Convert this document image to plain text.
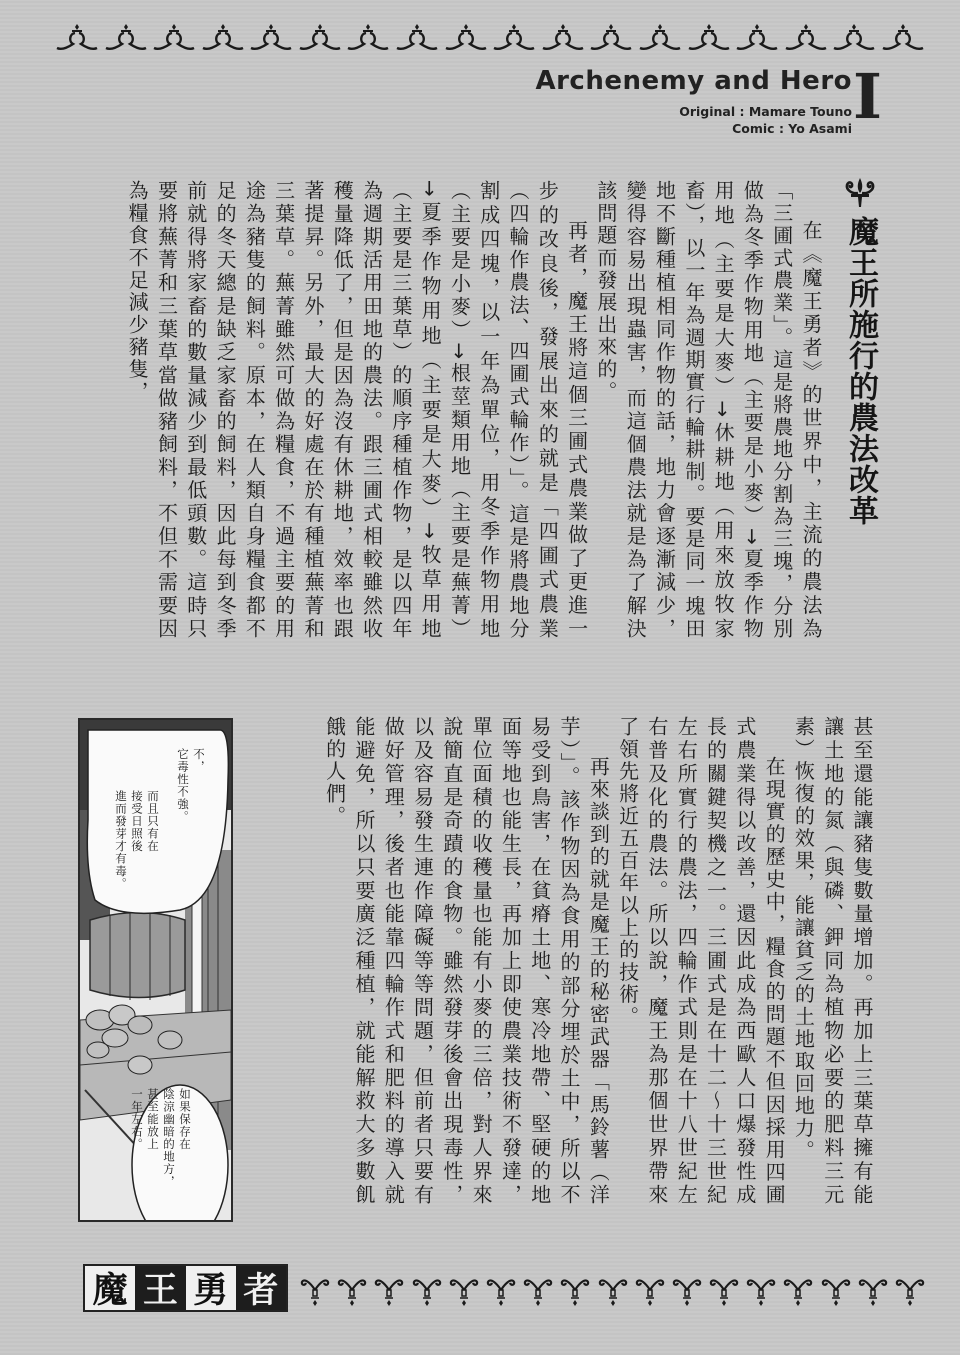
Archenemy and Hero
Original : Mamare Touno
Comic : Yo Asami I
魔王所施行的農法改革

在《魔王勇者》的世界中，主流的農法為「三圃式農業」。這是將農地分割為三塊，分別做為冬季作物用地（主要是小麥）→夏季作物用地（主要是大麥）→休耕地（用來放牧家畜），以一年為週期實行輪耕制。要是同一塊田地不斷種植相同作物的話，地力會逐漸減少，變得容易出現蟲害，而這個農法就是為了解決該問題而發展出來的。

再者，魔王將這個三圃式農業做了更進一步的改良後，發展出來的就是「四圃式農業（四輪作農法、四圃式輪作）」。這是將農地分割成四塊，以一年為單位，用冬季作物用地（主要是小麥）→根莖類用地（主要是蕪菁）→夏季作物用地（主要是大麥）→牧草用地（主要是三葉草）的順序種植作物，是以四年為週期活用田地的農法。跟三圃式相較雖然收穫量降低了，但是因為沒有休耕地，效率也跟著提昇。另外，最大的好處在於有種植蕪菁和三葉草。蕪菁雖然可做為糧食，不過主要的用途為豬隻的飼料。原本，在人類自身糧食都不足的冬天總是缺乏家畜的飼料，因此每到冬季前就得將家畜的數量減少到最低頭數。這時只要將蕪菁和三葉草當做豬飼料，不但不需要因為糧食不足減少豬隻，

不，
它毒性不強。
而且只有在
接受日照後
進而發芽才有毒。
如果保存在
陰涼幽暗的地方，
甚至能放上
一年左右。	甚至還能讓豬隻數量增加。再加上三葉草擁有能讓土地的氮（與磷、鉀同為植物必要的肥料三元素）恢復的效果，能讓貧乏的土地取回地力。

在現實的歷史中，糧食的問題不但因採用四圃式農業得以改善，還因此成為西歐人口爆發性成長的關鍵契機之一。三圃式是在十二～十三世紀左右所實行的農法，四輪作式則是在十八世紀左右普及化的農法。所以說，魔王為那個世界帶來了領先將近五百年以上的技術。

再來談到的就是魔王的秘密武器「馬鈴薯（洋芋）」。該作物因為食用的部分埋於土中，所以不易受到鳥害，在貧瘠土地、寒冷地帶、堅硬的地面等地也能生長，再加上即使農業技術不發達，單位面積的收穫量也能有小麥的三倍，對人界來說簡直是奇蹟的食物。雖然發芽後會出現毒性，以及容易發生連作障礙等等問題，但前者只要有做好管理，後者也能靠四輪作式和肥料的導入就能避免，所以只要廣泛種植，就能解救大多數飢餓的人們。

魔 王 勇 者
